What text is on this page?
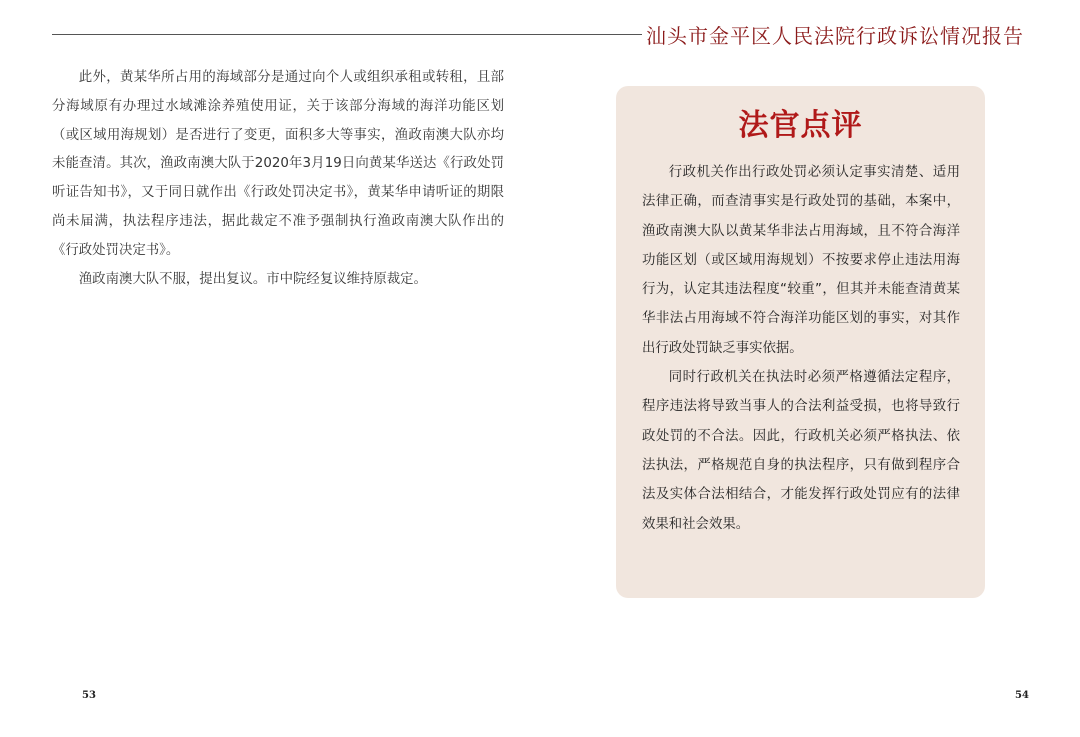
汕头市金平区人民法院行政诉讼情况报告

此外，黄某华所占用的海域部分是通过向个人或组织承租或转租，且部分海域原有办理过水域滩涂养殖使用证，关于该部分海域的海洋功能区划（或区域用海规划）是否进行了变更，面积多大等事实，渔政南澳大队亦均未能查清。其次，渔政南澳大队于2020年3月19日向黄某华送达《行政处罚听证告知书》，又于同日就作出《行政处罚决定书》，黄某华申请听证的期限尚未届满，执法程序违法，据此裁定不准予强制执行渔政南澳大队作出的《行政处罚决定书》。

渔政南澳大队不服，提出复议。市中院经复议维持原裁定。

法官点评

行政机关作出行政处罚必须认定事实清楚、适用法律正确，而查清事实是行政处罚的基础，本案中，渔政南澳大队以黄某华非法占用海域，且不符合海洋功能区划（或区域用海规划）不按要求停止违法用海行为，认定其违法程度“较重”，但其并未能查清黄某华非法占用海域不符合海洋功能区划的事实，对其作出行政处罚缺乏事实依据。

同时行政机关在执法时必须严格遵循法定程序，程序违法将导致当事人的合法利益受损，也将导致行政处罚的不合法。因此，行政机关必须严格执法、依法执法，严格规范自身的执法程序，只有做到程序合法及实体合法相结合，才能发挥行政处罚应有的法律效果和社会效果。

53	54
